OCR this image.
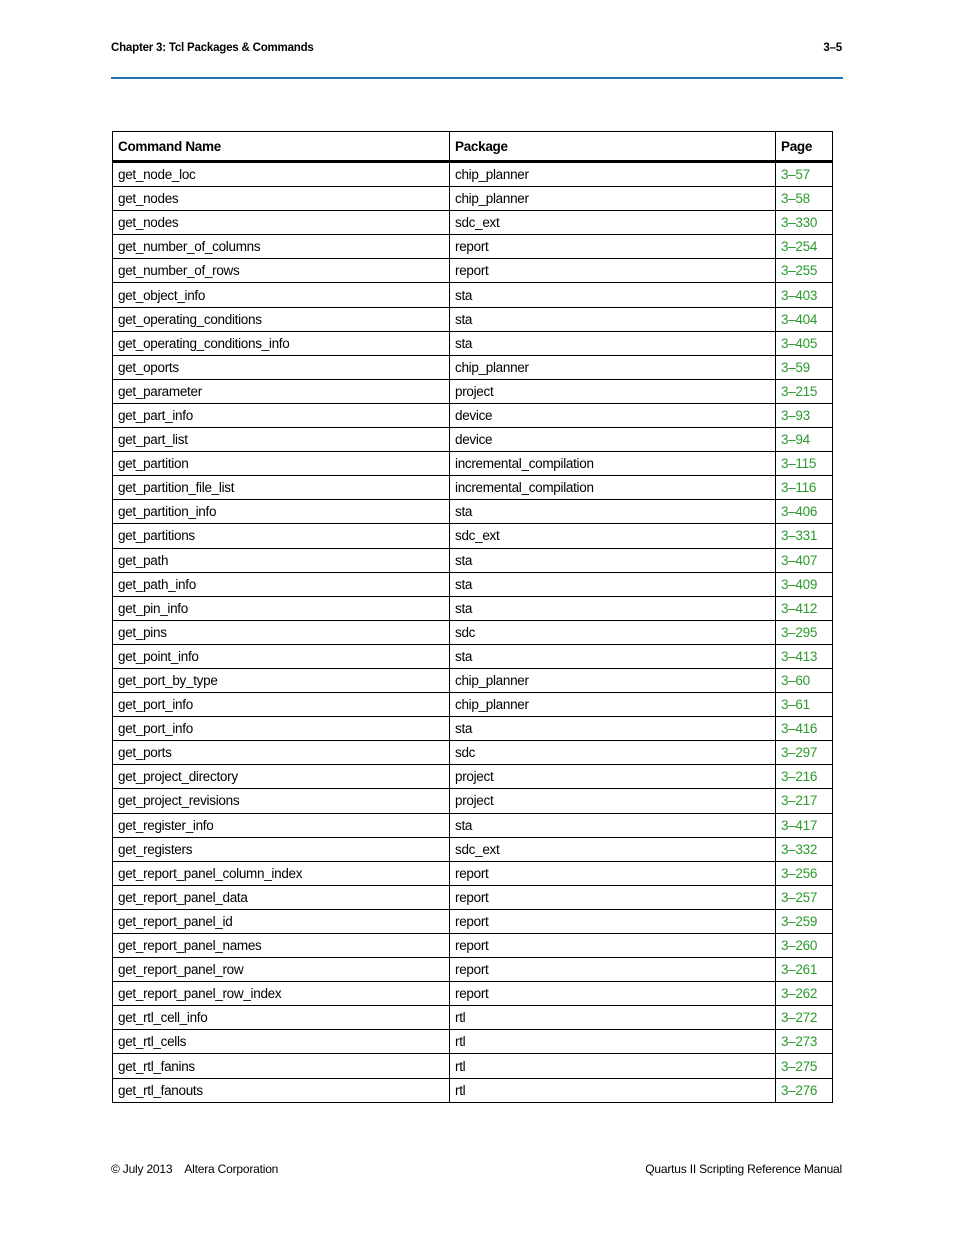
Chapter 3: Tcl Packages & Commands	3–5
Command Name	Package	Page
get_node_loc	chip_planner	3–57
get_nodes	chip_planner	3–58
get_nodes	sdc_ext	3–330
get_number_of_columns	report	3–254
get_number_of_rows	report	3–255
get_object_info	sta	3–403
get_operating_conditions	sta	3–404
get_operating_conditions_info	sta	3–405
get_oports	chip_planner	3–59
get_parameter	project	3–215
get_part_info	device	3–93
get_part_list	device	3–94
get_partition	incremental_compilation	3–115
get_partition_file_list	incremental_compilation	3–116
get_partition_info	sta	3–406
get_partitions	sdc_ext	3–331
get_path	sta	3–407
get_path_info	sta	3–409
get_pin_info	sta	3–412
get_pins	sdc	3–295
get_point_info	sta	3–413
get_port_by_type	chip_planner	3–60
get_port_info	chip_planner	3–61
get_port_info	sta	3–416
get_ports	sdc	3–297
get_project_directory	project	3–216
get_project_revisions	project	3–217
get_register_info	sta	3–417
get_registers	sdc_ext	3–332
get_report_panel_column_index	report	3–256
get_report_panel_data	report	3–257
get_report_panel_id	report	3–259
get_report_panel_names	report	3–260
get_report_panel_row	report	3–261
get_report_panel_row_index	report	3–262
get_rtl_cell_info	rtl	3–272
get_rtl_cells	rtl	3–273
get_rtl_fanins	rtl	3–275
get_rtl_fanouts	rtl	3–276
© July 2013 Altera Corporation	Quartus II Scripting Reference Manual
